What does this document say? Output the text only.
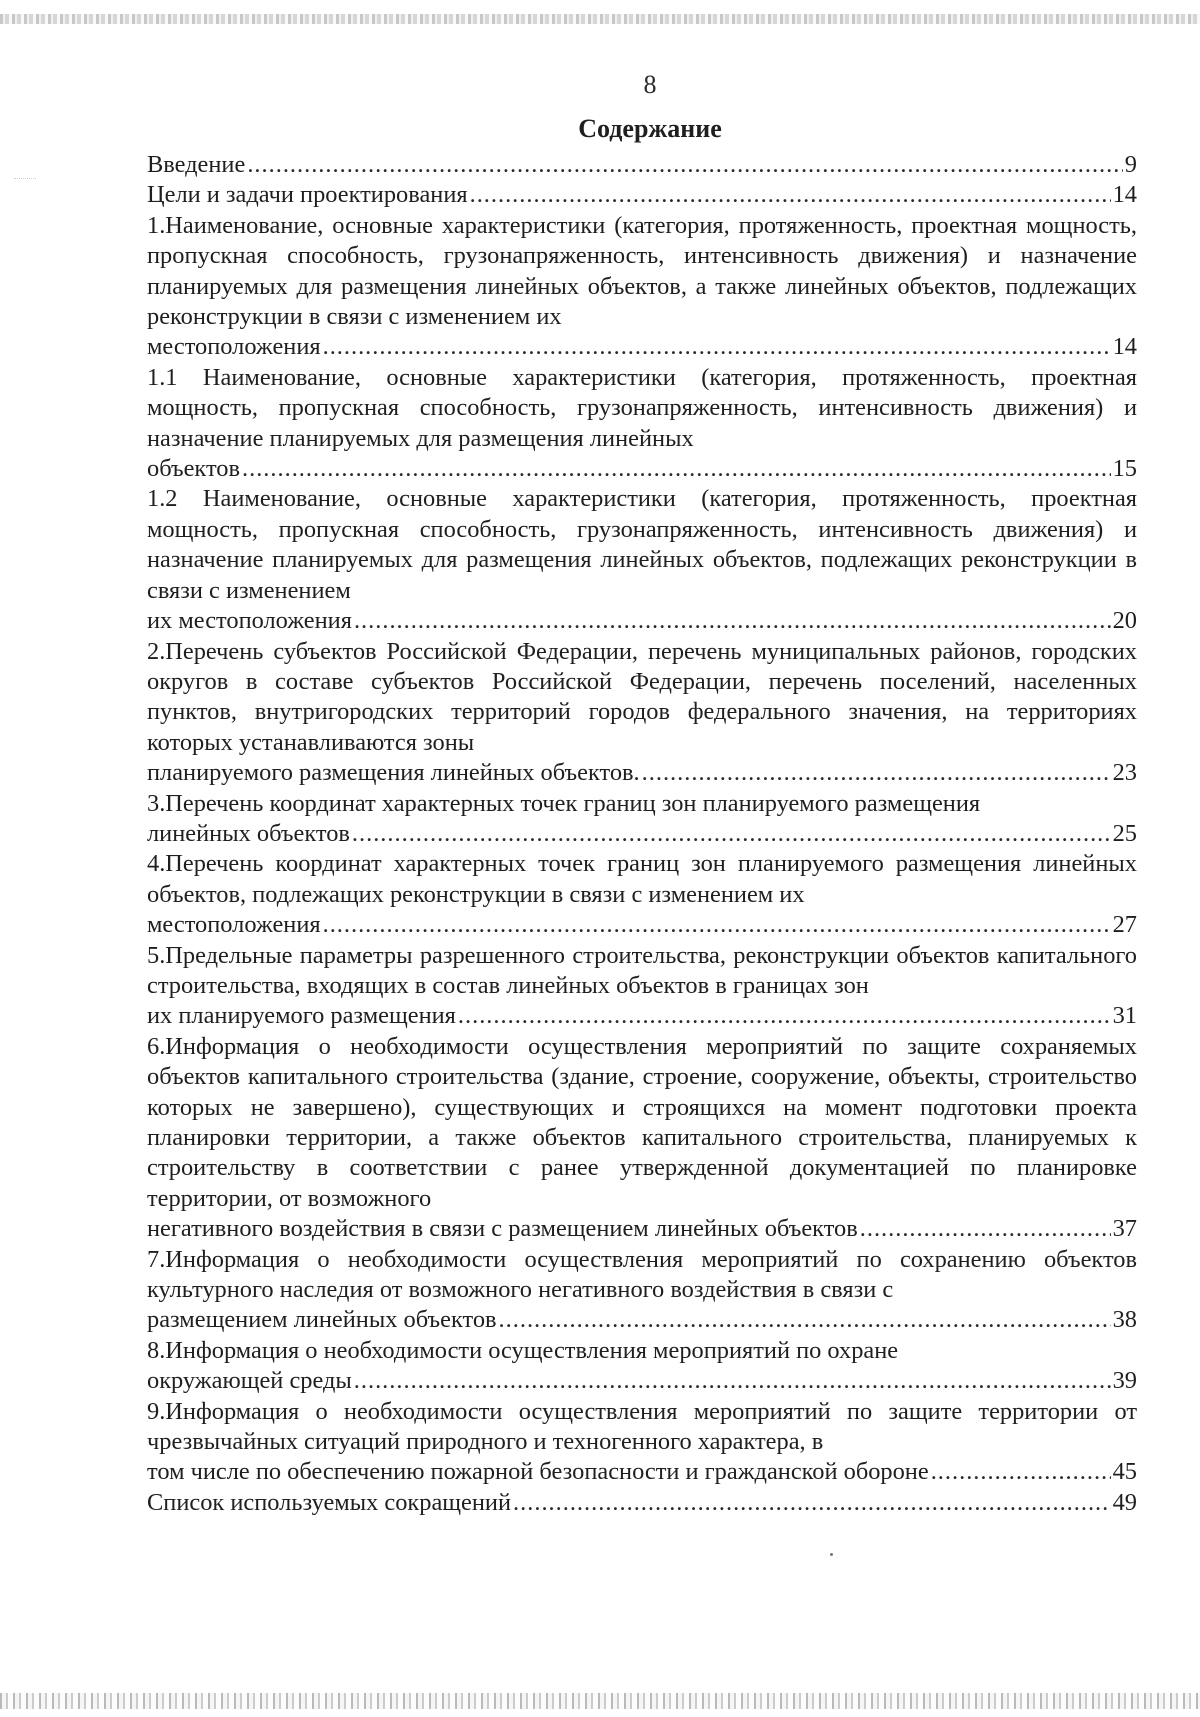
8
Содержание
Введение .....	9
Цели и задачи проектирования .....	14
1.Наименование, основные характеристики (категория, протяженность, проектная мощность, пропускная способность, грузонапряженность, интенсивность движения) и назначение планируемых для размещения линейных объектов, а также линейных объектов, подлежащих реконструкции в связи с изменением их
местоположения .....	14
1.1 Наименование, основные характеристики (категория, протяженность, проектная мощность, пропускная способность, грузонапряженность, интенсивность движения) и назначение планируемых для размещения линейных
объектов .....	15
1.2 Наименование, основные характеристики (категория, протяженность, проектная мощность, пропускная способность, грузонапряженность, интенсивность движения) и назначение планируемых для размещения линейных объектов, подлежащих реконструкции в связи с изменением
их местоположения .....	20
2.Перечень субъектов Российской Федерации, перечень муниципальных районов, городских округов в составе субъектов Российской Федерации, перечень поселений, населенных пунктов, внутригородских территорий городов федерального значения, на территориях которых устанавливаются зоны
планируемого размещения линейных объектов. .....	23
3.Перечень координат характерных точек границ зон планируемого размещения
линейных объектов .....	25
4.Перечень координат характерных точек границ зон планируемого размещения линейных объектов, подлежащих реконструкции в связи с изменением их
местоположения .....	27
5.Предельные параметры разрешенного строительства, реконструкции объектов капитального строительства, входящих в состав линейных объектов в границах зон
их планируемого размещения .....	31
6.Информация о необходимости осуществления мероприятий по защите сохраняемых объектов капитального строительства (здание, строение, сооружение, объекты, строительство которых не завершено), существующих и строящихся на момент подготовки проекта планировки территории, а также объектов капитального строительства, планируемых к строительству в соответствии с ранее утвержденной документацией по планировке территории, от возможного
негативного воздействия в связи с размещением линейных объектов .....	37
7.Информация о необходимости осуществления мероприятий по сохранению объектов культурного наследия от возможного негативного воздействия в связи с
размещением линейных объектов .....	38
8.Информация о необходимости осуществления мероприятий по охране
окружающей среды .....	39
9.Информация о необходимости осуществления мероприятий по защите территории от чрезвычайных ситуаций природного и техногенного характера, в
том числе по обеспечению пожарной безопасности и гражданской обороне .....	45
Список используемых сокращений .....	49
